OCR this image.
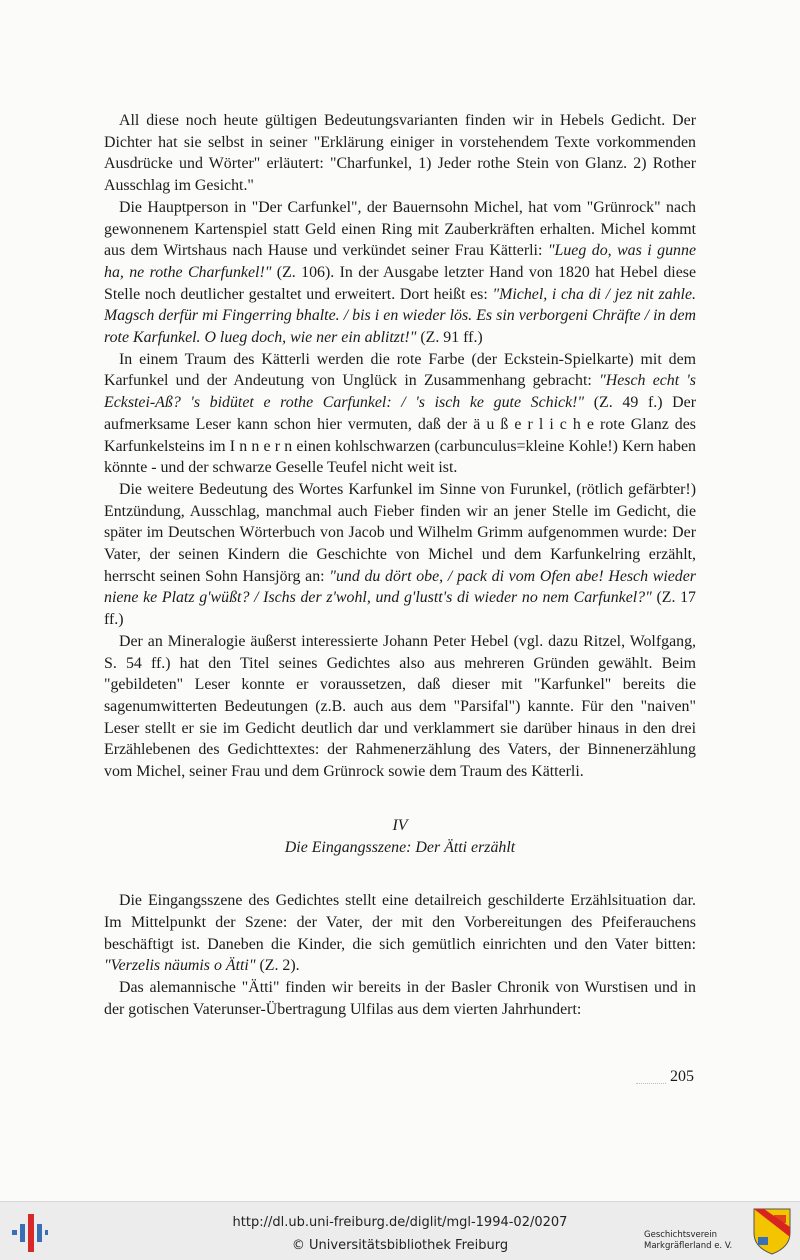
All diese noch heute gültigen Bedeutungsvarianten finden wir in Hebels Gedicht. Der Dichter hat sie selbst in seiner "Erklärung einiger in vorstehendem Texte vorkommenden Ausdrücke und Wörter" erläutert: "Charfunkel, 1) Jeder rothe Stein von Glanz. 2) Rother Ausschlag im Gesicht."

Die Hauptperson in "Der Carfunkel", der Bauernsohn Michel, hat vom "Grünrock" nach gewonnenem Kartenspiel statt Geld einen Ring mit Zauberkräften erhalten. Michel kommt aus dem Wirtshaus nach Hause und verkündet seiner Frau Kätterli: "Lueg do, was i gunne ha, ne rothe Charfunkel!" (Z. 106). In der Ausgabe letzter Hand von 1820 hat Hebel diese Stelle noch deutlicher gestaltet und erweitert. Dort heißt es: "Michel, i cha di / jez nit zahle. Magsch derfür mi Fingerring bhalte. / bis i en wieder lös. Es sin verborgeni Chräfte / in dem rote Karfunkel. O lueg doch, wie ner ein ablitzt!" (Z. 91 ff.)

In einem Traum des Kätterli werden die rote Farbe (der Eckstein-Spielkarte) mit dem Karfunkel und der Andeutung von Unglück in Zusammenhang gebracht: "Hesch echt 's Eckstei-Aß? 's bidütet e rothe Carfunkel: / 's isch ke gute Schick!" (Z. 49 f.) Der aufmerksame Leser kann schon hier vermuten, daß der ä u ß e r l i c h e rote Glanz des Karfunkelsteins im I n n e r n einen kohlschwarzen (carbunculus=kleine Kohle!) Kern haben könnte - und der schwarze Geselle Teufel nicht weit ist.

Die weitere Bedeutung des Wortes Karfunkel im Sinne von Furunkel, (rötlich gefärbter!) Entzündung, Ausschlag, manchmal auch Fieber finden wir an jener Stelle im Gedicht, die später im Deutschen Wörterbuch von Jacob und Wilhelm Grimm aufgenommen wurde: Der Vater, der seinen Kindern die Geschichte von Michel und dem Karfunkelring erzählt, herrscht seinen Sohn Hansjörg an: "und du dört obe, / pack di vom Ofen abe! Hesch wieder niene ke Platz g'wüßt? / Ischs der z'wohl, und g'lustt's di wieder no nem Carfunkel?" (Z. 17 ff.)

Der an Mineralogie äußerst interessierte Johann Peter Hebel (vgl. dazu Ritzel, Wolfgang, S. 54 ff.) hat den Titel seines Gedichtes also aus mehreren Gründen gewählt. Beim "gebildeten" Leser konnte er voraussetzen, daß dieser mit "Karfunkel" bereits die sagenumwitterten Bedeutungen (z.B. auch aus dem "Parsifal") kannte. Für den "naiven" Leser stellt er sie im Gedicht deutlich dar und verklammert sie darüber hinaus in den drei Erzählebenen des Gedichttextes: der Rahmenerzählung des Vaters, der Binnenerzählung vom Michel, seiner Frau und dem Grünrock sowie dem Traum des Kätterli.

IV

Die Eingangsszene: Der Ätti erzählt

Die Eingangsszene des Gedichtes stellt eine detailreich geschilderte Erzählsituation dar. Im Mittelpunkt der Szene: der Vater, der mit den Vorbereitungen des Pfeiferauchens beschäftigt ist. Daneben die Kinder, die sich gemütlich einrichten und den Vater bitten: "Verzelis näumis o Ätti" (Z. 2).

Das alemannische "Ätti" finden wir bereits in der Basler Chronik von Wurstisen und in der gotischen Vaterunser-Übertragung Ulfilas aus dem vierten Jahrhundert:

205
http://dl.ub.uni-freiburg.de/diglit/mgl-1994-02/0207
© Universitätsbibliothek Freiburg
Geschichtsverein
Markgräflerland e. V.
